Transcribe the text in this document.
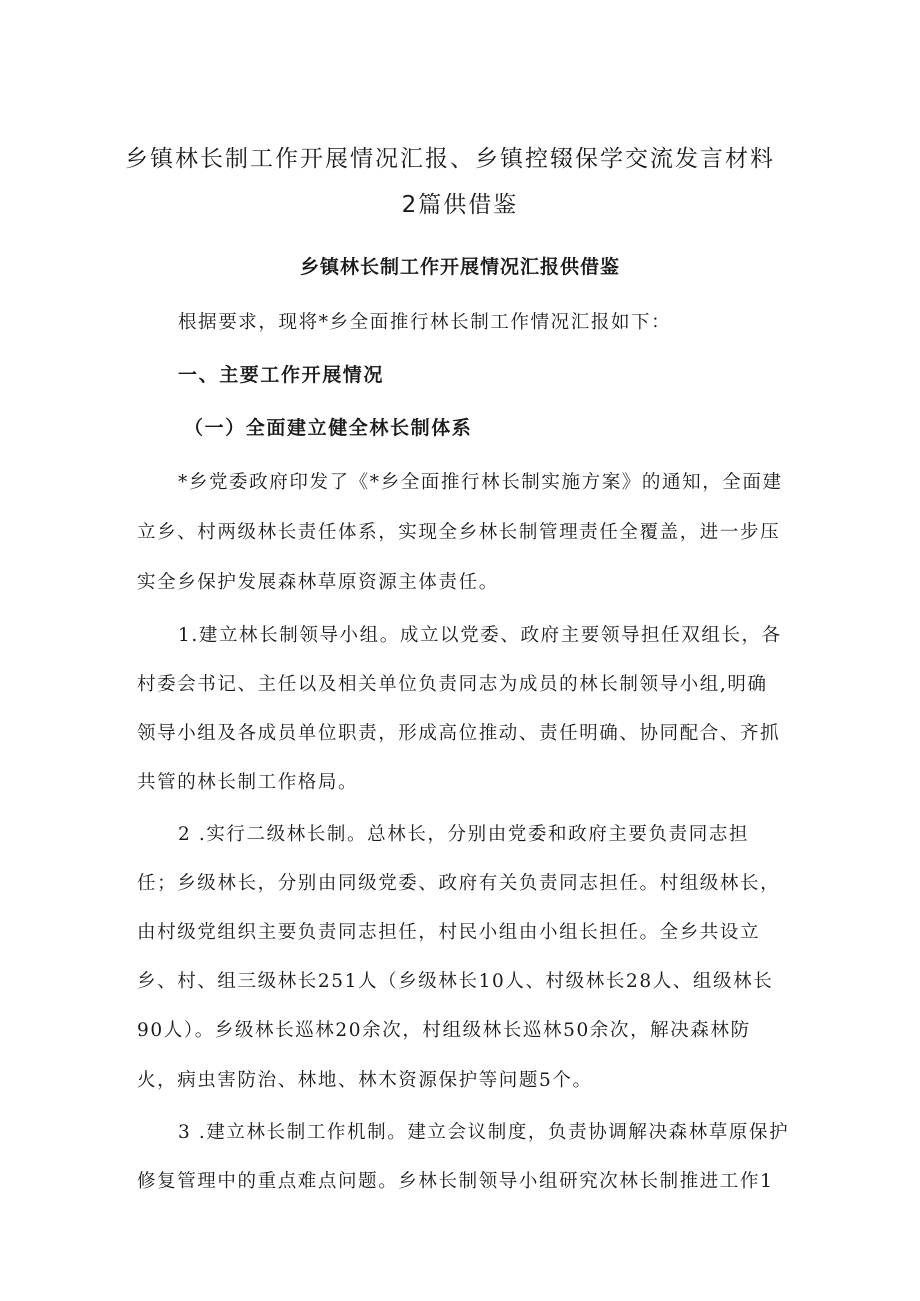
乡镇林长制工作开展情况汇报、乡镇控辍保学交流发言材料
2篇供借鉴
乡镇林长制工作开展情况汇报供借鉴
根据要求，现将*乡全面推行林长制工作情况汇报如下：
一、主要工作开展情况
（一）全面建立健全林长制体系
*乡党委政府印发了《*乡全面推行林长制实施方案》的通知，全面建
立乡、村两级林长责任体系，实现全乡林长制管理责任全覆盖，进一步压
实全乡保护发展森林草原资源主体责任。
1.建立林长制领导小组。成立以党委、政府主要领导担任双组长，各
村委会书记、主任以及相关单位负责同志为成员的林长制领导小组,明确
领导小组及各成员单位职责，形成高位推动、责任明确、协同配合、齐抓
共管的林长制工作格局。
2 .实行二级林长制。总林长，分别由党委和政府主要负责同志担
任；乡级林长，分别由同级党委、政府有关负责同志担任。村组级林长，
由村级党组织主要负责同志担任，村民小组由小组长担任。全乡共设立
乡、村、组三级林长251人（乡级林长10人、村级林长28人、组级林长
90人）。乡级林长巡林20余次，村组级林长巡林50余次，解决森林防
火，病虫害防治、林地、林木资源保护等问题5个。
3 .建立林长制工作机制。建立会议制度，负责协调解决森林草原保护
修复管理中的重点难点问题。乡林长制领导小组研究次林长制推进工作1
